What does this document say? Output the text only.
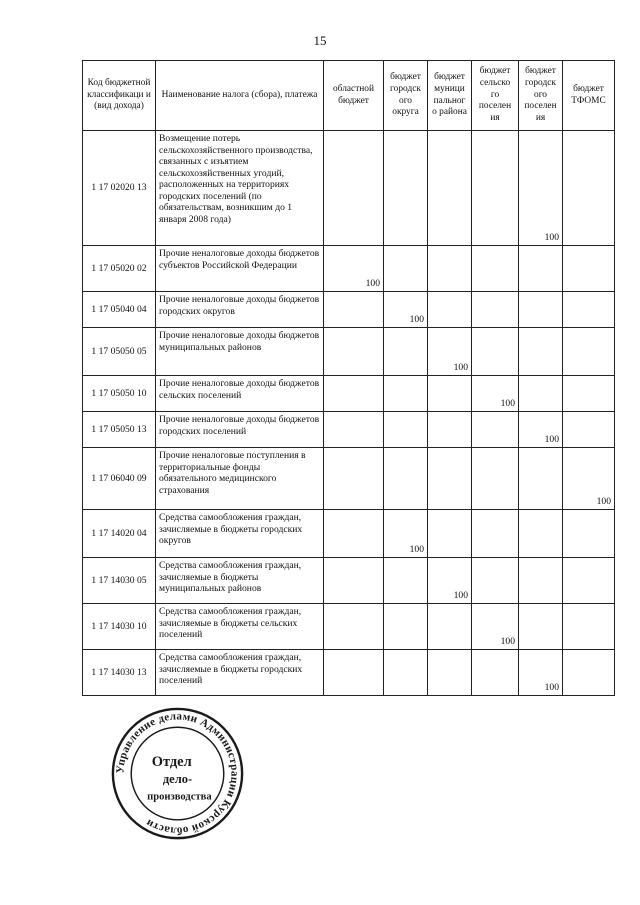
15
Код бюджетной классификаци и (вид дохода)	Наименование налога (сбора), платежа	областной бюджет	бюджет городск ого округа	бюджет муници пальног о района	бюджет сельско го поселен ия	бюджет городск ого поселен ия	бюджет ТФОМС
1 17 02020 13	Возмещение потерь сельскохозяйственного производства, связанных с изъятием сельскохозяйственных угодий, расположенных на территориях городских поселений (по обязательствам, возникшим до 1 января 2008 года)					100	
1 17 05020 02	Прочие неналоговые доходы бюджетов субъектов Российской Федерации	100					
1 17 05040 04	Прочие неналоговые доходы бюджетов городских округов		100				
1 17 05050 05	Прочие неналоговые доходы бюджетов муниципальных районов			100			
1 17 05050 10	Прочие неналоговые доходы бюджетов сельских поселений				100		
1 17 05050 13	Прочие неналоговые доходы бюджетов городских поселений					100	
1 17 06040 09	Прочие неналоговые поступления в территориальные фонды обязательного медицинского страхования						100
1 17 14020 04	Средства самообложения граждан, зачисляемые в бюджеты городских округов		100				
1 17 14030 05	Средства самообложения граждан, зачисляемые в бюджеты муниципальных районов			100			
1 17 14030 10	Средства самообложения граждан, зачисляемые в бюджеты сельских поселений				100		
1 17 14030 13	Средства самообложения граждан, зачисляемые в бюджеты городских поселений					100	
Управление делами Администрации Курской области
Отдел
дело-
производства
